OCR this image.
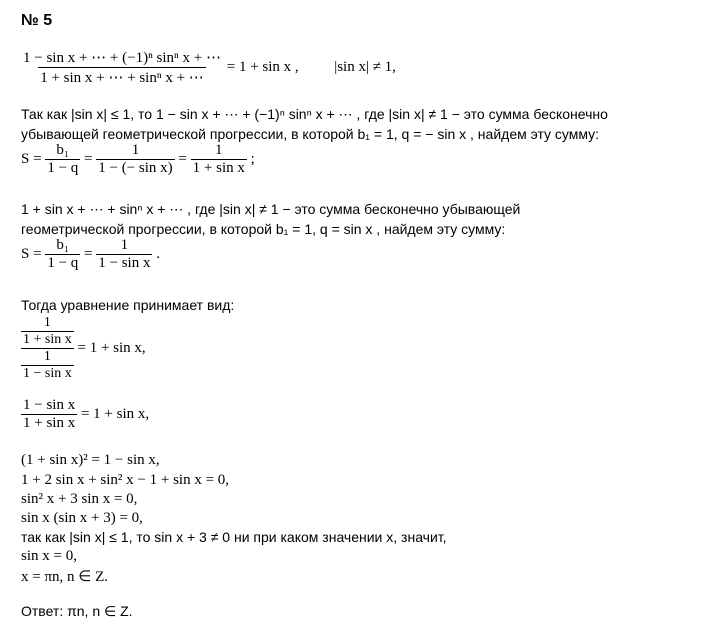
№ 5
$\frac{\text{1 − sin x + ⋯ + (−1)ⁿ sinⁿ x + ⋯}}{\text{1 + sin x + ⋯ + sinⁿ x + ⋯}} = 1 + \sin x$ , |sin x| ≠ 1,
Так как |sin x| ≤ 1, то 1 − sin x + ⋯ + (−1)ⁿ sinⁿ x + ⋯ , где |sin x| ≠ 1 − это сумма бесконечно
убывающей геометрической прогрессии, в которой b₁ = 1, q = − sin x , найдем эту сумму:
$S = \frac{\text{b₁}}{1 - q} = \frac{1}{\text{1 − (− sin x)}} = \frac{1}{\text{1 + sin x}}$ ;
1 + sin x + ⋯ + sinⁿ x + ⋯ , где |sin x| ≠ 1 − это сумма бесконечно убывающей
геометрической прогрессии, в которой b₁ = 1, q = sin x , найдем эту сумму:
$S = \frac{\text{b₁}}{1 - q} = \frac{1}{\text{1 − sin x}}$ .
Тогда уравнение принимает вид:
$\frac{\frac{1}{\text{1 + sin x}}}{\frac{1}{\text{1 − sin x}}} = 1 + \sin x$,
$\frac{\text{1 − sin x}}{\text{1 + sin x}} = 1 + \sin x$,
(1 + sin x)² = 1 − sin x,
1 + 2 sin x + sin² x − 1 + sin x = 0,
sin² x + 3 sin x = 0,
sin x (sin x + 3) = 0,
так как |sin x| ≤ 1, то sin x + 3 ≠ 0 ни при каком значении x, значит,
sin x = 0,
x = πn, n ∈ Z.
Ответ: πn, n ∈ Z.
